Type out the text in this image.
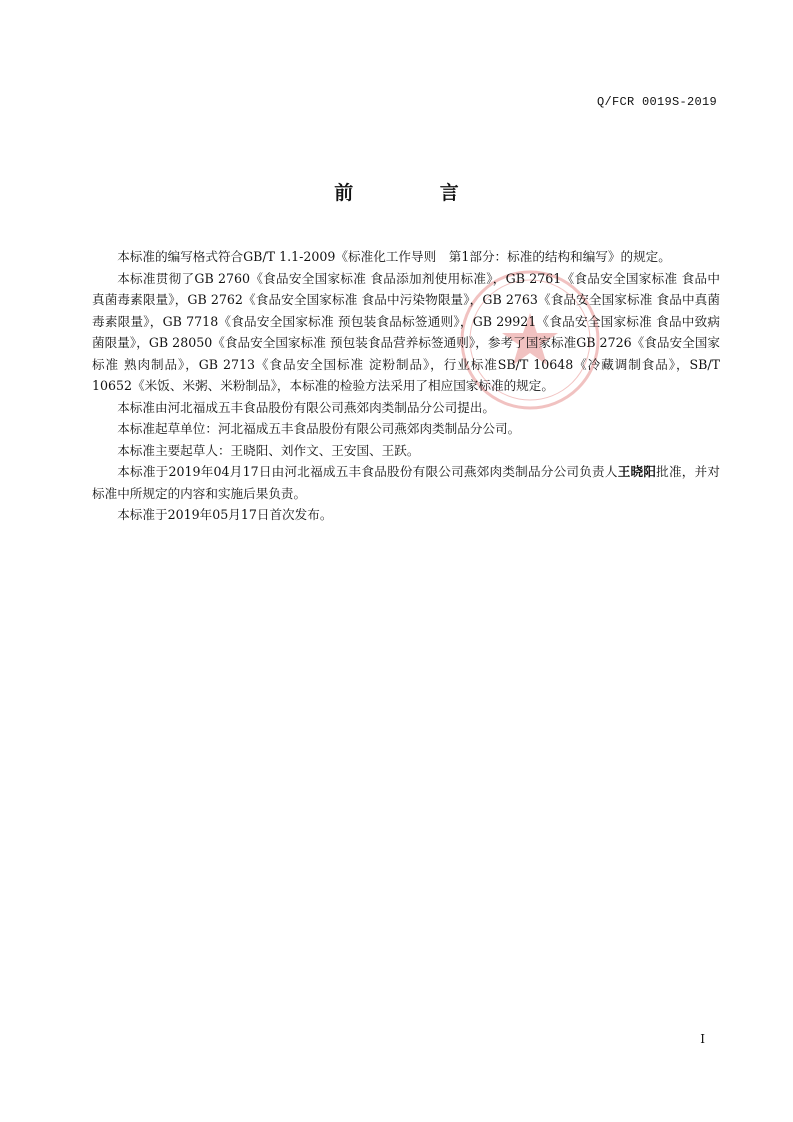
Q/FCR 0019S-2019
前 言

本标准的编写格式符合GB/T 1.1-2009《标准化工作导则　第1部分：标准的结构和编写》的规定。

本标准贯彻了GB 2760《食品安全国家标准 食品添加剂使用标准》，GB 2761《食品安全国家标准 食品中真菌毒素限量》，GB 2762《食品安全国家标准 食品中污染物限量》，GB 2763《食品安全国家标准 食品中真菌毒素限量》，GB 7718《食品安全国家标准 预包装食品标签通则》，GB 29921《食品安全国家标准 食品中致病菌限量》，GB 28050《食品安全国家标准 预包装食品营养标签通则》，参考了国家标准GB 2726《食品安全国家标准 熟肉制品》，GB 2713《食品安全国标准 淀粉制品》，行业标准SB/T 10648《冷藏调制食品》，SB/T 10652《米饭、米粥、米粉制品》，本标准的检验方法采用了相应国家标准的规定。

本标准由河北福成五丰食品股份有限公司燕郊肉类制品分公司提出。

本标准起草单位：河北福成五丰食品股份有限公司燕郊肉类制品分公司。

本标准主要起草人：王晓阳、刘作文、王安国、王跃。

本标准于2019年04月17日由河北福成五丰食品股份有限公司燕郊肉类制品分公司负责人王晓阳批准，并对标准中所规定的内容和实施后果负责。

本标准于2019年05月17日首次发布。

I
